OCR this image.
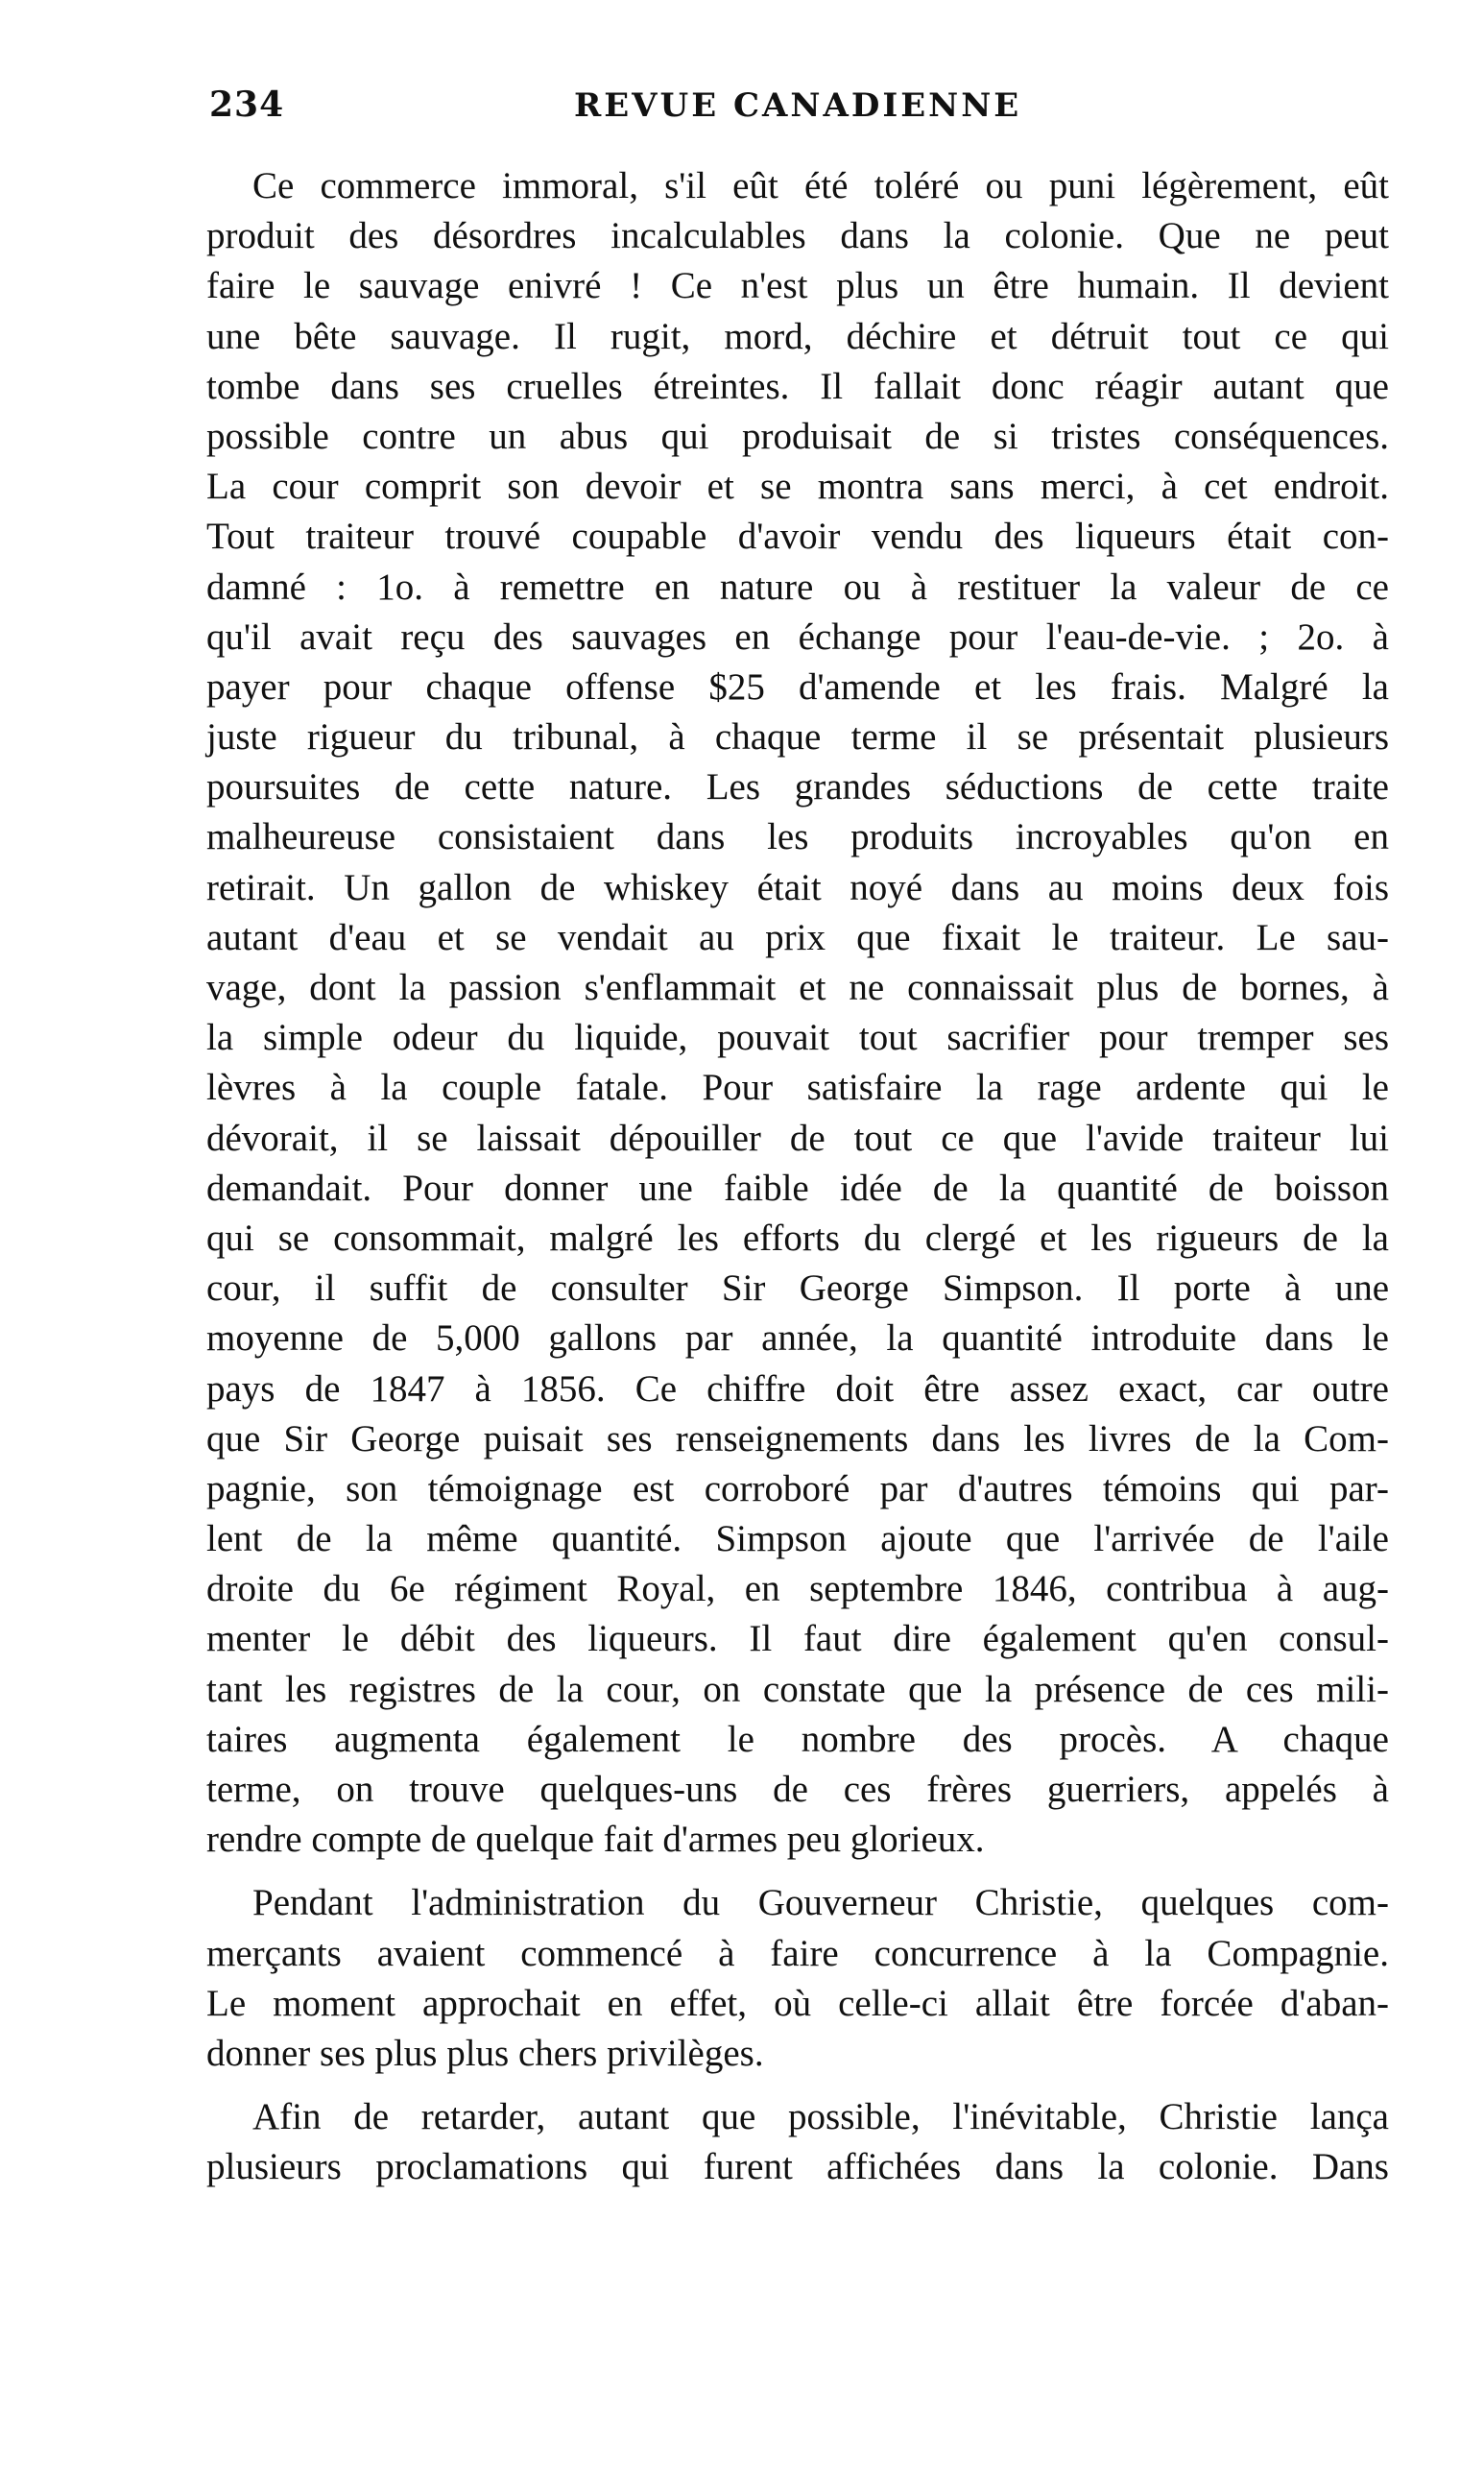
234	REVUE CANADIENNE
Ce commerce immoral, s'il eût été toléré ou puni légèrement, eût
produit des désordres incalculables dans la colonie. Que ne peut
faire le sauvage enivré ! Ce n'est plus un être humain. Il devient
une bête sauvage. Il rugit, mord, déchire et détruit tout ce qui
tombe dans ses cruelles étreintes. Il fallait donc réagir autant que
possible contre un abus qui produisait de si tristes conséquences.
La cour comprit son devoir et se montra sans merci, à cet endroit.
Tout traiteur trouvé coupable d'avoir vendu des liqueurs était con-
damné : 1o. à remettre en nature ou à restituer la valeur de ce
qu'il avait reçu des sauvages en échange pour l'eau-de-vie. ; 2o. à
payer pour chaque offense $25 d'amende et les frais. Malgré la
juste rigueur du tribunal, à chaque terme il se présentait plusieurs
poursuites de cette nature. Les grandes séductions de cette traite
malheureuse consistaient dans les produits incroyables qu'on en
retirait. Un gallon de whiskey était noyé dans au moins deux fois
autant d'eau et se vendait au prix que fixait le traiteur. Le sau-
vage, dont la passion s'enflammait et ne connaissait plus de bornes, à
la simple odeur du liquide, pouvait tout sacrifier pour tremper ses
lèvres à la couple fatale. Pour satisfaire la rage ardente qui le
dévorait, il se laissait dépouiller de tout ce que l'avide traiteur lui
demandait. Pour donner une faible idée de la quantité de boisson
qui se consommait, malgré les efforts du clergé et les rigueurs de la
cour, il suffit de consulter Sir George Simpson. Il porte à une
moyenne de 5,000 gallons par année, la quantité introduite dans le
pays de 1847 à 1856. Ce chiffre doit être assez exact, car outre
que Sir George puisait ses renseignements dans les livres de la Com-
pagnie, son témoignage est corroboré par d'autres témoins qui par-
lent de la même quantité. Simpson ajoute que l'arrivée de l'aile
droite du 6e régiment Royal, en septembre 1846, contribua à aug-
menter le débit des liqueurs. Il faut dire également qu'en consul-
tant les registres de la cour, on constate que la présence de ces mili-
taires augmenta également le nombre des procès. A chaque
terme, on trouve quelques-uns de ces frères guerriers, appelés à
rendre compte de quelque fait d'armes peu glorieux.
Pendant l'administration du Gouverneur Christie, quelques com-
merçants avaient commencé à faire concurrence à la Compagnie.
Le moment approchait en effet, où celle-ci allait être forcée d'aban-
donner ses plus plus chers privilèges.
Afin de retarder, autant que possible, l'inévitable, Christie lança
plusieurs proclamations qui furent affichées dans la colonie. Dans
